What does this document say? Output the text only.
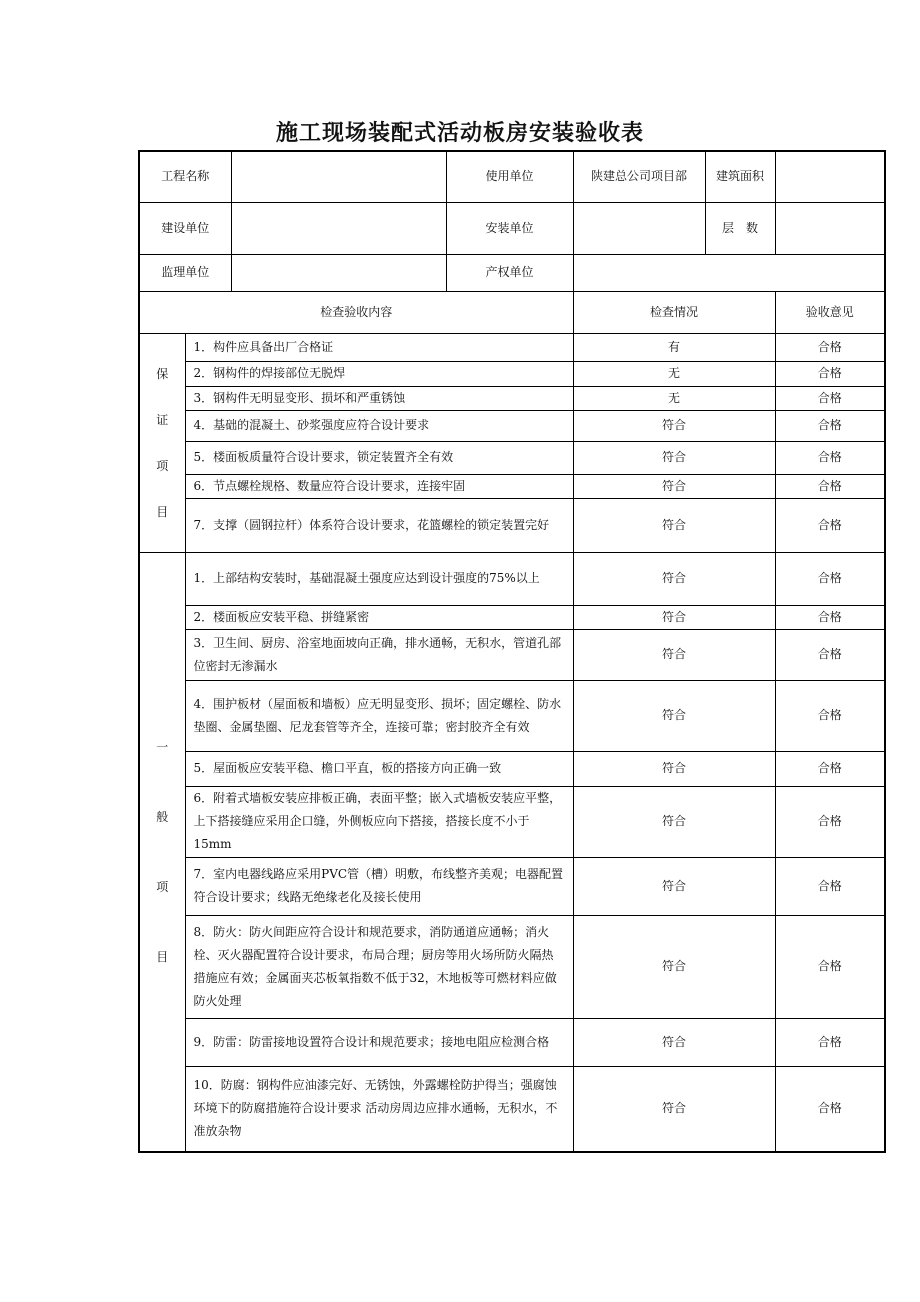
施工现场装配式活动板房安装验收表
工程名称			使用单位	陕建总公司项目部	建筑面积	
建设单位			安装单位		层　数	
监理单位			产权单位			
检查验收内容				检查情况		验收意见

保
证
项
目	1．构件应具备出厂合格证			有		合格
	2．钢构件的焊接部位无脱焊			无		合格
	3．钢构件无明显变形、损坏和严重锈蚀			无		合格
	4．基础的混凝土、砂浆强度应符合设计要求			符合		合格
	5．楼面板质量符合设计要求，锁定装置齐全有效			符合		合格
	6．节点螺栓规格、数量应符合设计要求，连接牢固			符合		合格
	7．支撑（圆钢拉杆）体系符合设计要求，花篮螺栓的锁定装置完好			符合		合格

一
般
项
目	1．上部结构安装时，基础混凝土强度应达到设计强度的75%以上			符合		合格
	2．楼面板应安装平稳、拼缝紧密			符合		合格
	3．卫生间、厨房、浴室地面坡向正确，排水通畅，无积水，管道孔部位密封无渗漏水			符合		合格
	4．围护板材（屋面板和墙板）应无明显变形、损坏；固定螺栓、防水垫圈、金属垫圈、尼龙套管等齐全，连接可靠；密封胶齐全有效			符合		合格
	5．屋面板应安装平稳、檐口平直，板的搭接方向正确一致			符合		合格
	6．附着式墙板安装应排板正确，表面平整；嵌入式墙板安装应平整，上下搭接缝应采用企口缝，外侧板应向下搭接，搭接长度不小于15mm			符合		合格
	7．室内电器线路应采用PVC管（槽）明敷，布线整齐美观；电器配置符合设计要求；线路无绝缘老化及接长使用			符合		合格
	8．防火：防火间距应符合设计和规范要求，消防通道应通畅；消火栓、灭火器配置符合设计要求，布局合理；厨房等用火场所防火隔热措施应有效；金属面夹芯板氧指数不低于32，木地板等可燃材料应做防火处理			符合		合格
	9．防雷：防雷接地设置符合设计和规范要求；接地电阻应检测合格			符合		合格
	10．防腐：钢构件应油漆完好、无锈蚀，外露螺栓防护得当；强腐蚀环境下的防腐措施符合设计要求 活动房周边应排水通畅，无积水，不准放杂物			符合		合格
